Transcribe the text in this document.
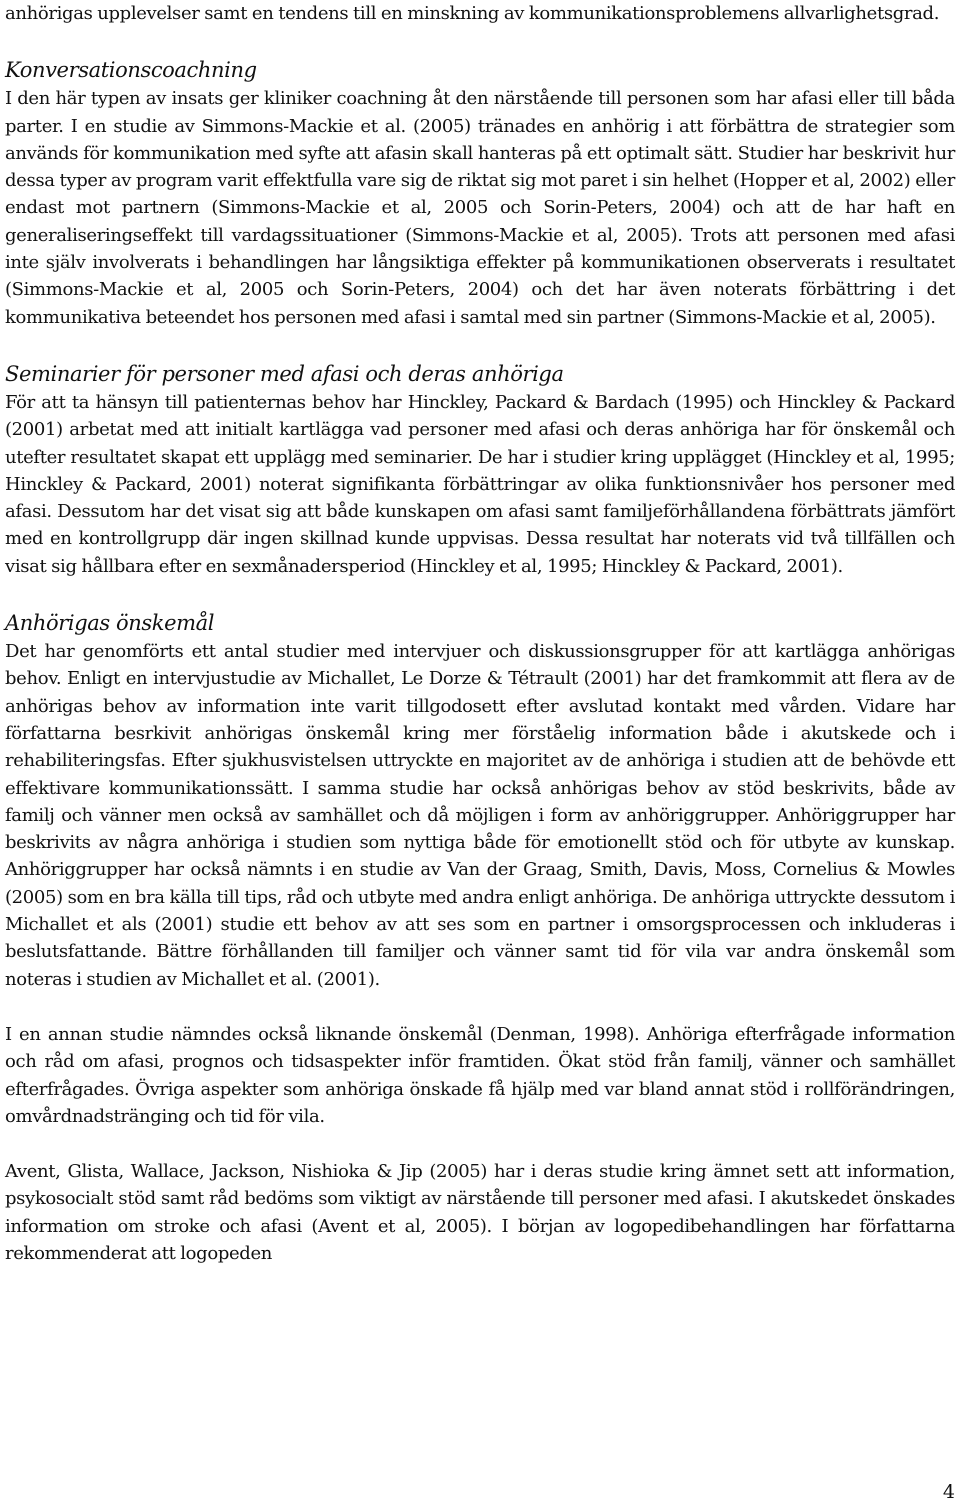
anhörigas upplevelser samt en tendens till en minskning av kommunikationsproblemens allvarlighetsgrad.

Konversationscoachning

I den här typen av insats ger kliniker coachning åt den närstående till personen som har afasi eller till båda parter. I en studie av Simmons-Mackie et al. (2005) tränades en anhörig i att förbättra de strategier som används för kommunikation med syfte att afasin skall hanteras på ett optimalt sätt. Studier har beskrivit hur dessa typer av program varit effektfulla vare sig de riktat sig mot paret i sin helhet (Hopper et al, 2002) eller endast mot partnern (Simmons-Mackie et al, 2005 och Sorin-Peters, 2004) och att de har haft en generaliseringseffekt till vardagssituationer (Simmons-Mackie et al, 2005). Trots att personen med afasi inte själv involverats i behandlingen har långsiktiga effekter på kommunikationen observerats i resultatet (Simmons-Mackie et al, 2005 och Sorin-Peters, 2004) och det har även noterats förbättring i det kommunikativa beteendet hos personen med afasi i samtal med sin partner (Simmons-Mackie et al, 2005).

Seminarier för personer med afasi och deras anhöriga

För att ta hänsyn till patienternas behov har Hinckley, Packard & Bardach (1995) och Hinckley & Packard (2001) arbetat med att initialt kartlägga vad personer med afasi och deras anhöriga har för önskemål och utefter resultatet skapat ett upplägg med seminarier. De har i studier kring upplägget (Hinckley et al, 1995; Hinckley & Packard, 2001) noterat signifikanta förbättringar av olika funktionsnivåer hos personer med afasi. Dessutom har det visat sig att både kunskapen om afasi samt familjeförhållandena förbättrats jämfört med en kontrollgrupp där ingen skillnad kunde uppvisas. Dessa resultat har noterats vid två tillfällen och visat sig hållbara efter en sexmånadersperiod (Hinckley et al, 1995; Hinckley & Packard, 2001).

Anhörigas önskemål

Det har genomförts ett antal studier med intervjuer och diskussionsgrupper för att kartlägga anhörigas behov. Enligt en intervjustudie av Michallet, Le Dorze & Tétrault (2001) har det framkommit att flera av de anhörigas behov av information inte varit tillgodosett efter avslutad kontakt med vården. Vidare har författarna besrkivit anhörigas önskemål kring mer förståelig information både i akutskede och i rehabiliteringsfas. Efter sjukhusvistelsen uttryckte en majoritet av de anhöriga i studien att de behövde ett effektivare kommunikationssätt. I samma studie har också anhörigas behov av stöd beskrivits, både av familj och vänner men också av samhället och då möjligen i form av anhöriggrupper. Anhöriggrupper har beskrivits av några anhöriga i studien som nyttiga både för emotionellt stöd och för utbyte av kunskap. Anhöriggrupper har också nämnts i en studie av Van der Graag, Smith, Davis, Moss, Cornelius & Mowles (2005) som en bra källa till tips, råd och utbyte med andra enligt anhöriga. De anhöriga uttryckte dessutom i Michallet et als (2001) studie ett behov av att ses som en partner i omsorgsprocessen och inkluderas i beslutsfattande. Bättre förhållanden till familjer och vänner samt tid för vila var andra önskemål som noteras i studien av Michallet et al. (2001).

I en annan studie nämndes också liknande önskemål (Denman, 1998). Anhöriga efterfrågade information och råd om afasi, prognos och tidsaspekter inför framtiden. Ökat stöd från familj, vänner och samhället efterfrågades. Övriga aspekter som anhöriga önskade få hjälp med var bland annat stöd i rollförändringen, omvårdnadstränging och tid för vila.

Avent, Glista, Wallace, Jackson, Nishioka & Jip (2005) har i deras studie kring ämnet sett att information, psykosocialt stöd samt råd bedöms som viktigt av närstående till personer med afasi. I akutskedet önskades information om stroke och afasi (Avent et al, 2005). I början av logopedibehandlingen har författarna rekommenderat att logopeden

4
